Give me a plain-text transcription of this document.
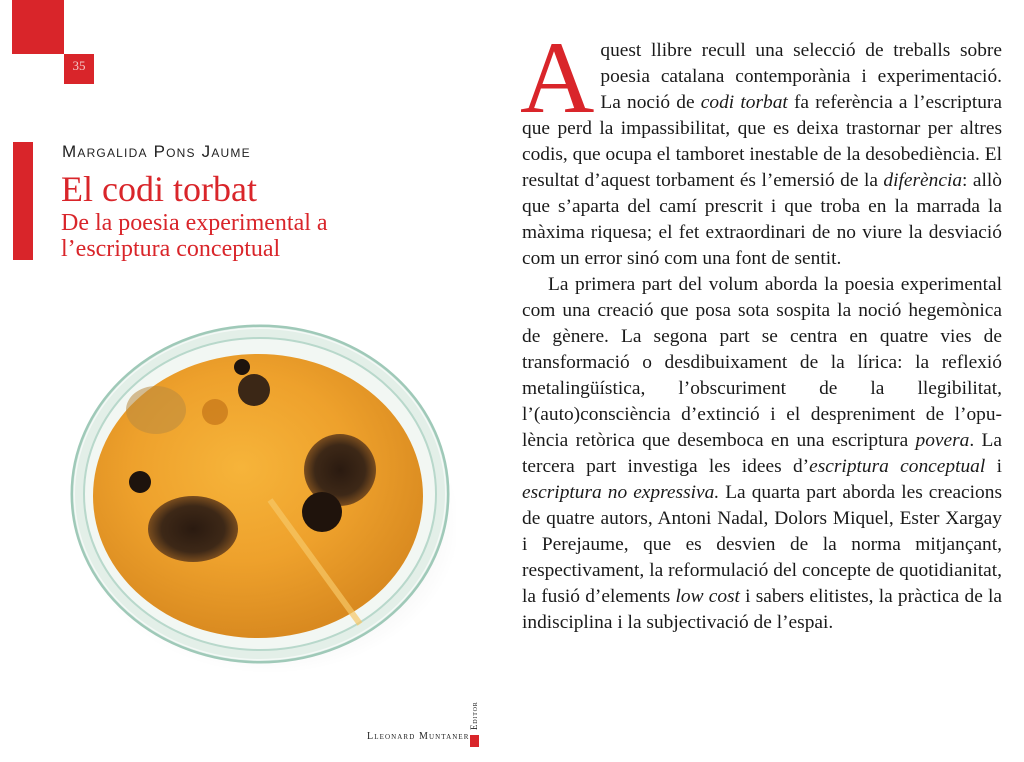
35

Margalida Pons Jaume

El codi torbat

De la poesia experimental a l’escriptura conceptual

Lleonard Muntaner
Editor

Aquest llibre recull una selecció de treballs sobre poesia catalana contemporània i experimentació. La noció de codi torbat fa referència a l’escriptura que perd la impassibilitat, que es deixa trastornar per altres codis, que ocupa el tamboret inestable de la desobediència. El resultat d’aquest torbament és l’emersió de la diferència: allò que s’aparta del camí prescrit i que troba en la marrada la màxima riquesa; el fet extraordinari de no viure la desviació com un error sinó com una font de sentit.

La primera part del volum aborda la poesia experimental com una creació que posa sota sospita la noció hegemònica de gènere. La segona part se centra en quatre vies de transformació o desdibuixament de la lírica: la reflexió metalingüística, l’obscuriment de la llegibilitat, l’(auto)consciència d’extinció i el despreniment de l’opulència retòrica que desemboca en una escriptura povera. La tercera part investiga les idees d’escriptura conceptual i escriptura no expressiva. La quarta part aborda les creacions de quatre autors, Antoni Nadal, Dolors Miquel, Ester Xargay i Perejaume, que es desvien de la norma mitjançant, respectivament, la reformulació del concepte de quotidianitat, la fusió d’elements low cost i sabers elitistes, la pràctica de la indisciplina i la subjectivació de l’espai.
